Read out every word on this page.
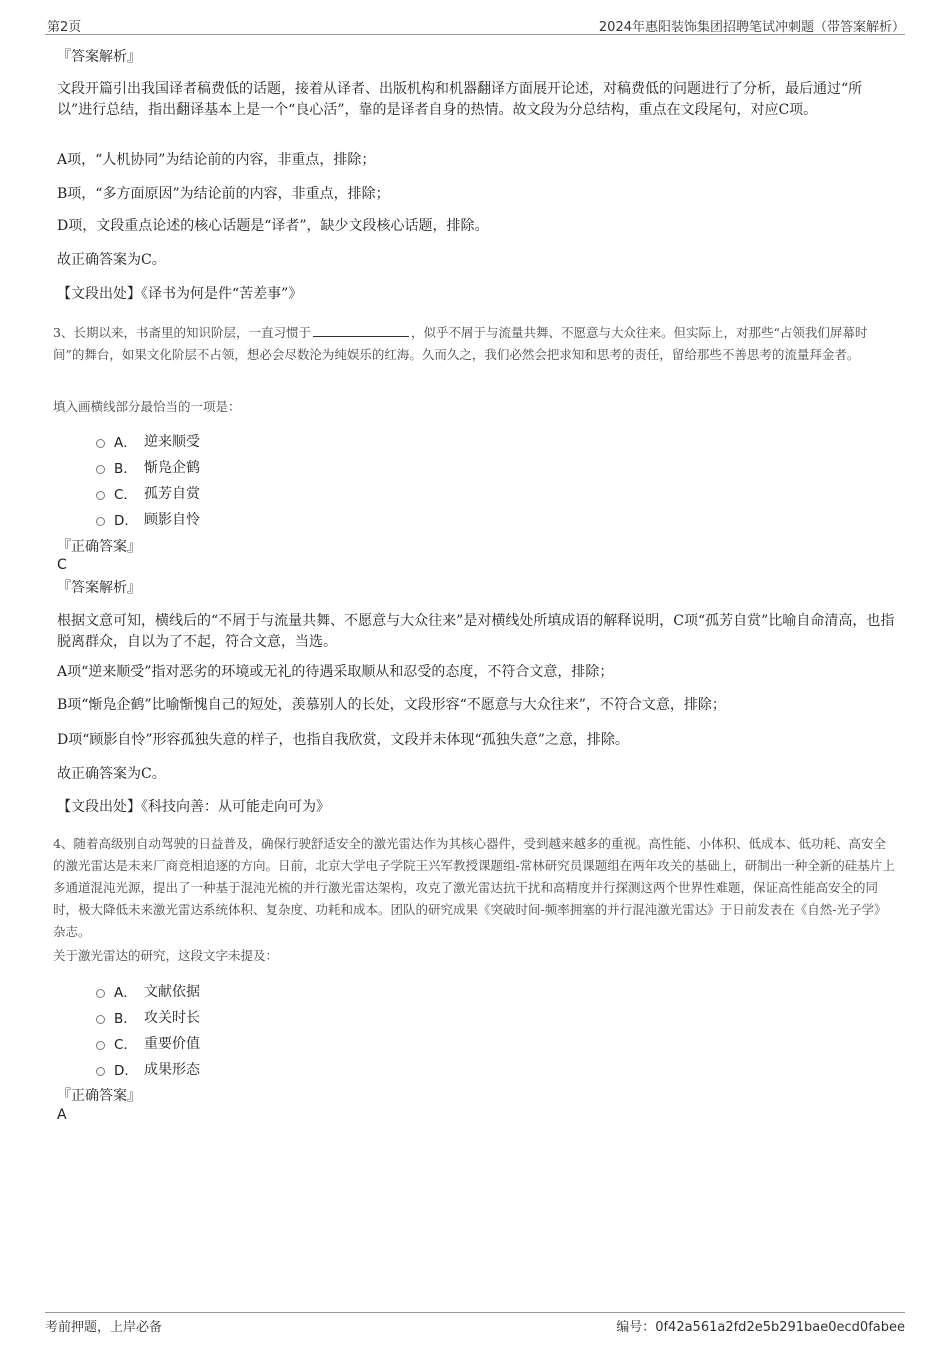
第2页	2024年惠阳装饰集团招聘笔试冲刺题（带答案解析）
『答案解析』
文段开篇引出我国译者稿费低的话题，接着从译者、出版机构和机器翻译方面展开论述，对稿费低的问题进行了分析，最后通过“所以”进行总结，指出翻译基本上是一个“良心活”，靠的是译者自身的热情。故文段为分总结构，重点在文段尾句，对应C项。
A项，“人机协同”为结论前的内容，非重点，排除；
B项，“多方面原因”为结论前的内容，非重点，排除；
D项，文段重点论述的核心话题是“译者”，缺少文段核心话题，排除。
故正确答案为C。
【文段出处】《译书为何是件“苦差事”》
3、长期以来，书斋里的知识阶层，一直习惯于	，似乎不屑于与流量共舞、不愿意与大众往来。但实际上，对那些“占领我们屏幕时间”的舞台，如果文化阶层不占领，想必会尽数沦为纯娱乐的红海。久而久之，我们必然会把求知和思考的责任，留给那些不善思考的流量拜金者。
填入画横线部分最恰当的一项是：
A． 逆来顺受
B． 惭凫企鹤
C． 孤芳自赏
D． 顾影自怜
『正确答案』
C
『答案解析』
根据文意可知，横线后的“不屑于与流量共舞、不愿意与大众往来”是对横线处所填成语的解释说明，C项“孤芳自赏”比喻自命清高，也指脱离群众，自以为了不起，符合文意，当选。
A项“逆来顺受”指对恶劣的环境或无礼的待遇采取顺从和忍受的态度，不符合文意，排除；
B项“惭凫企鹤”比喻惭愧自己的短处，羡慕别人的长处，文段形容“不愿意与大众往来”，不符合文意，排除；
D项“顾影自怜”形容孤独失意的样子，也指自我欣赏，文段并未体现“孤独失意”之意，排除。
故正确答案为C。
【文段出处】《科技向善：从可能走向可为》
4、随着高级别自动驾驶的日益普及，确保行驶舒适安全的激光雷达作为其核心器件，受到越来越多的重视。高性能、小体积、低成本、低功耗、高安全的激光雷达是未来厂商竞相追逐的方向。日前，北京大学电子学院王兴军教授课题组-常林研究员课题组在两年攻关的基础上，研制出一种全新的硅基片上多通道混沌光源，提出了一种基于混沌光梳的并行激光雷达架构，攻克了激光雷达抗干扰和高精度并行探测这两个世界性难题，保证高性能高安全的同时，极大降低未来激光雷达系统体积、复杂度、功耗和成本。团队的研究成果《突破时间-频率拥塞的并行混沌激光雷达》于日前发表在《自然-光子学》杂志。
关于激光雷达的研究，这段文字未提及：
A． 文献依据
B． 攻关时长
C． 重要价值
D． 成果形态
『正确答案』
A
考前押题，上岸必备	编号：0f42a561a2fd2e5b291bae0ecd0fabee
